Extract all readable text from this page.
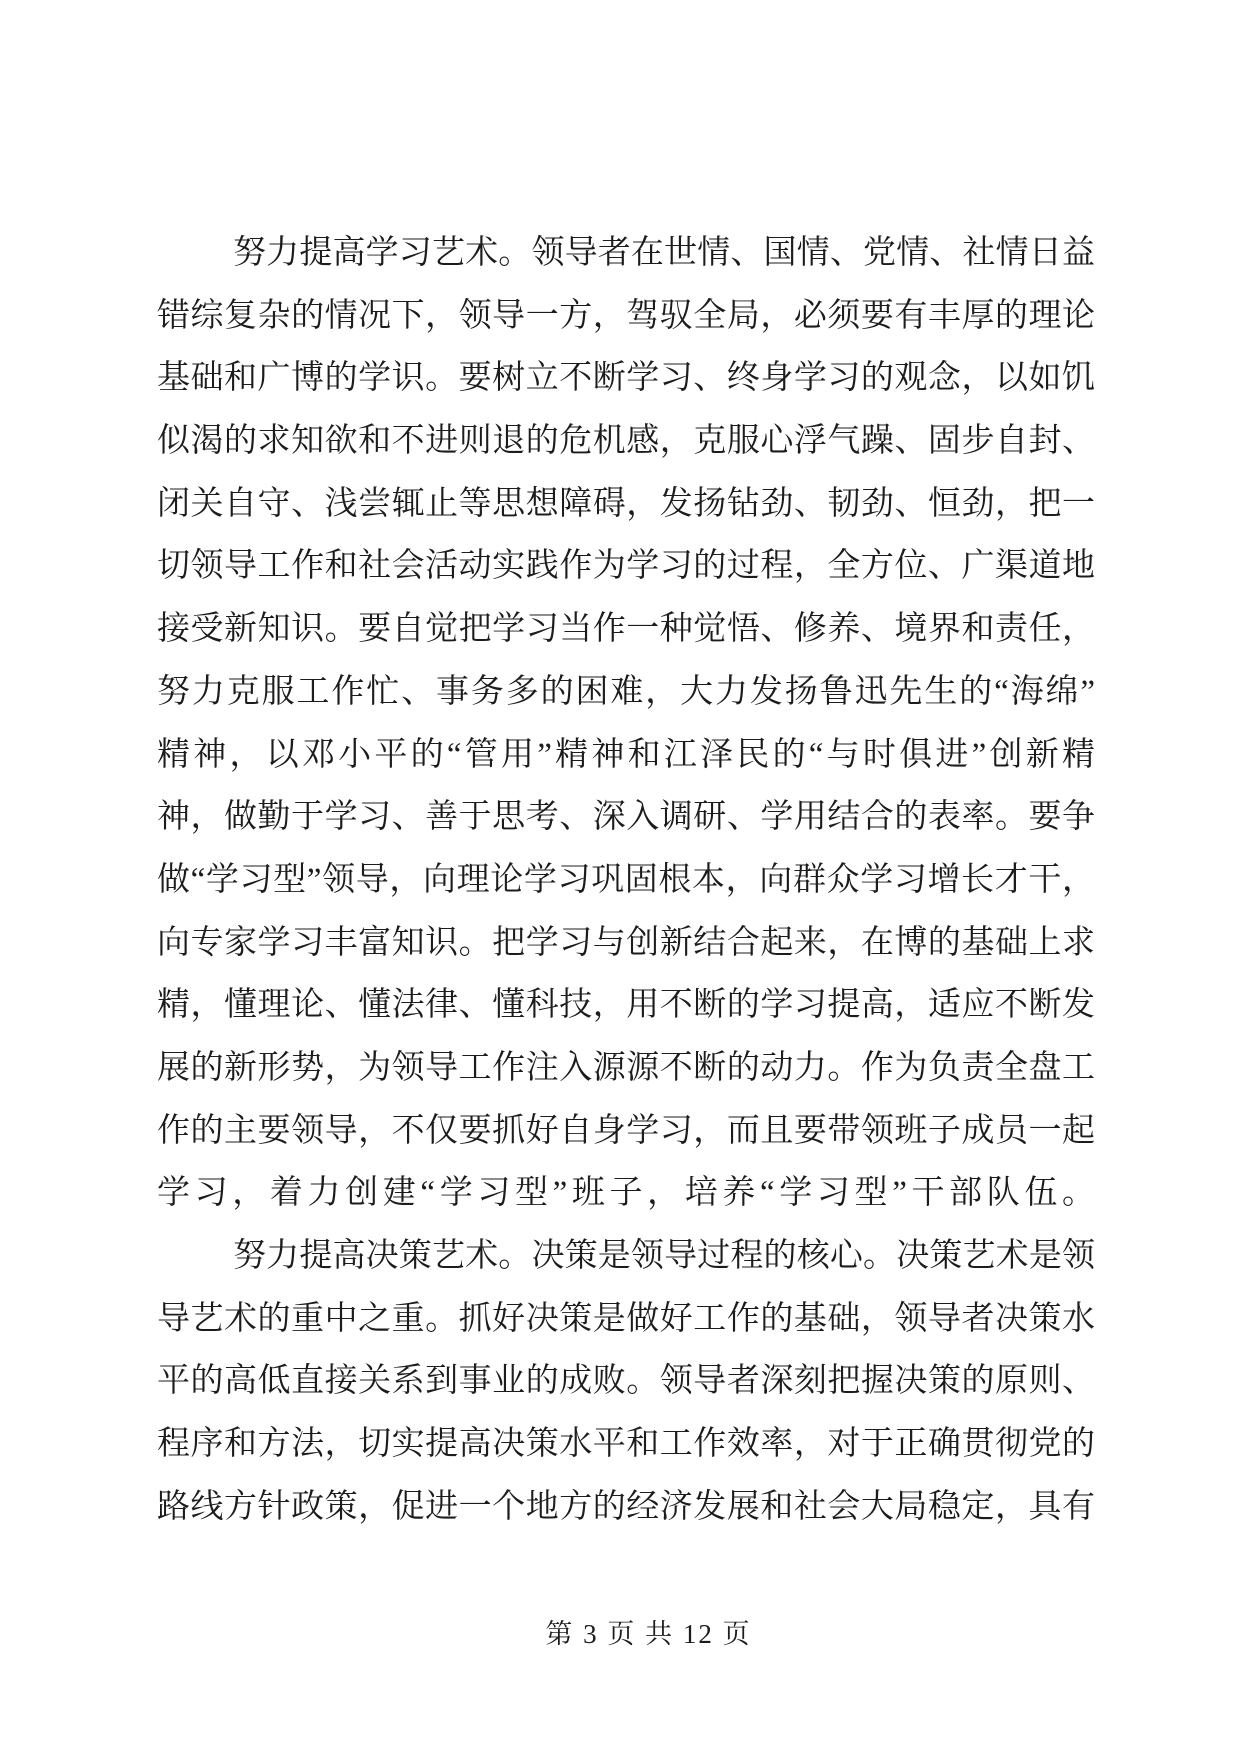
努力提高学习艺术。领导者在世情、国情、党情、社情日益
错综复杂的情况下，领导一方，驾驭全局，必须要有丰厚的理论
基础和广博的学识。要树立不断学习、终身学习的观念，以如饥
似渴的求知欲和不进则退的危机感，克服心浮气躁、固步自封、
闭关自守、浅尝辄止等思想障碍，发扬钻劲、韧劲、恒劲，把一
切领导工作和社会活动实践作为学习的过程，全方位、广渠道地
接受新知识。要自觉把学习当作一种觉悟、修养、境界和责任，
努力克服工作忙、事务多的困难，大力发扬鲁迅先生的“海绵”
精神，以邓小平的“管用”精神和江泽民的“与时俱进”创新精
神，做勤于学习、善于思考、深入调研、学用结合的表率。要争
做“学习型”领导，向理论学习巩固根本，向群众学习增长才干，
向专家学习丰富知识。把学习与创新结合起来，在博的基础上求
精，懂理论、懂法律、懂科技，用不断的学习提高，适应不断发
展的新形势，为领导工作注入源源不断的动力。作为负责全盘工
作的主要领导，不仅要抓好自身学习，而且要带领班子成员一起
学习，着力创建“学习型”班子，培养“学习型”干部队伍。
努力提高决策艺术。决策是领导过程的核心。决策艺术是领
导艺术的重中之重。抓好决策是做好工作的基础，领导者决策水
平的高低直接关系到事业的成败。领导者深刻把握决策的原则、
程序和方法，切实提高决策水平和工作效率，对于正确贯彻党的
路线方针政策，促进一个地方的经济发展和社会大局稳定，具有
第 3 页 共 12 页
